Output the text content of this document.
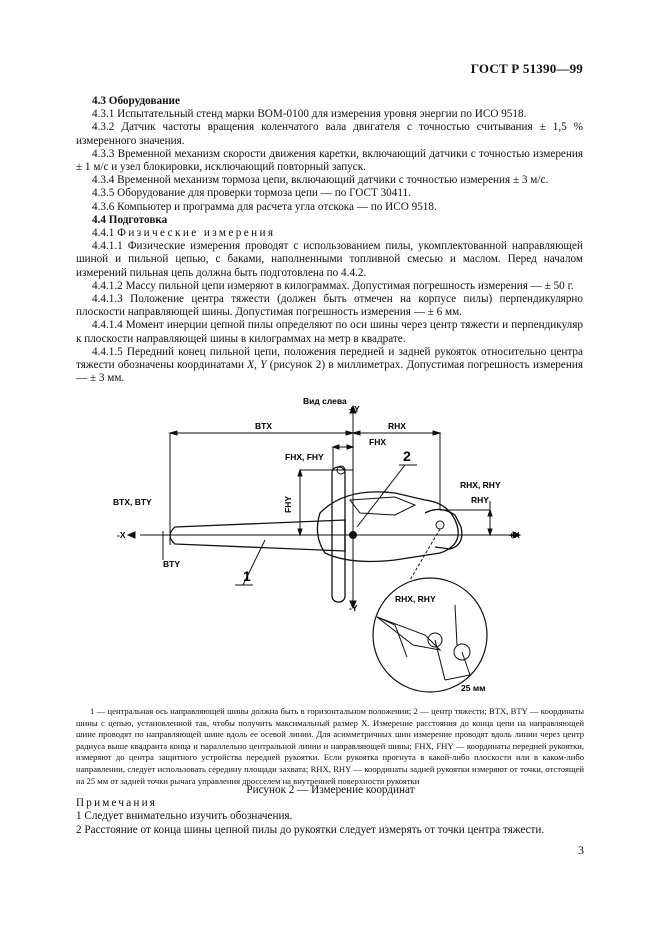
ГОСТ Р 51390—99
4.3 Оборудование
4.3.1 Испытательный стенд марки ВОМ-0100 для измерения уровня энергии по ИСО 9518.
4.3.2 Датчик частоты вращения коленчатого вала двигателя с точностью считывания ± 1,5 % измеренного значения.
4.3.3 Временной механизм скорости движения каретки, включающий датчики с точностью измерения ± 1 м/с и узел блокировки, исключающий повторный запуск.
4.3.4 Временной механизм тормоза цепи, включающий датчики с точностью измерения ± 3 м/с.
4.3.5 Оборудование для проверки тормоза цепи — по ГОСТ 30411.
4.3.6 Компьютер и программа для расчета угла отскока — по ИСО 9518.
4.4 Подготовка
4.4.1 Физические измерения
4.4.1.1 Физические измерения проводят с использованием пилы, укомплектованной направляющей шиной и пильной цепью, с баками, наполненными топливной смесью и маслом. Перед началом измерений пильная цепь должна быть подготовлена по 4.4.2.
4.4.1.2 Массу пильной цепи измеряют в килограммах. Допустимая погрешность измерения — ± 50 г.
4.4.1.3 Положение центра тяжести (должен быть отмечен на корпусе пилы) перпендикулярно плоскости направляющей шины. Допустимая погрешность измерения — ± 6 мм.
4.4.1.4 Момент инерции цепной пилы определяют по оси шины через центр тяжести и перпендикуляр к плоскости направляющей шины в килограммах на метр в квадрате.
4.4.1.5 Передний конец пильной цепи, положения передней и задней рукояток относительно центра тяжести обозначены координатами X, Y (рисунок 2) в миллиметрах. Допустимая погрешность измерения — ± 3 мм.
Вид слева
BTX	RHX
FHX
FHX, FHY
FHY
BTX, BTY
BTY
RHX, RHY
RHY
+Y
-Y
-X	+X
1
2
RHX, RHY
25 мм
1 — центральная ось направляющей шины должна быть в горизонтальном положении; 2 — центр тяжести; BTX, BTY — координаты шины с цепью, установленной так, чтобы получить максимальный размер X. Измерение расстояния до конца цепи на направляющей шине проводят по направляющей шине вдоль ее осевой линии. Для асимметричных шин измерение проводят вдоль линии через центр радиуса выше квадранта конца и параллельно центральной линии и направляющей шины; FHX, FHY — координаты передней рукоятки, измеряют до центра защитного устройства передней рукоятки. Если рукоятка прогнута в какой-либо плоскости или в каком-либо направлении, следует использовать середину площади захвата; RHX, RHY — координаты задней рукоятки измеряют от точки, отстоящей на 25 мм от задней точки рычага управления дросселем на внутренней поверхности рукоятки
Рисунок 2 — Измерение координат
Примечания
1 Следует внимательно изучить обозначения.
2 Расстояние от конца шины цепной пилы до рукоятки следует измерять от точки центра тяжести.
3
